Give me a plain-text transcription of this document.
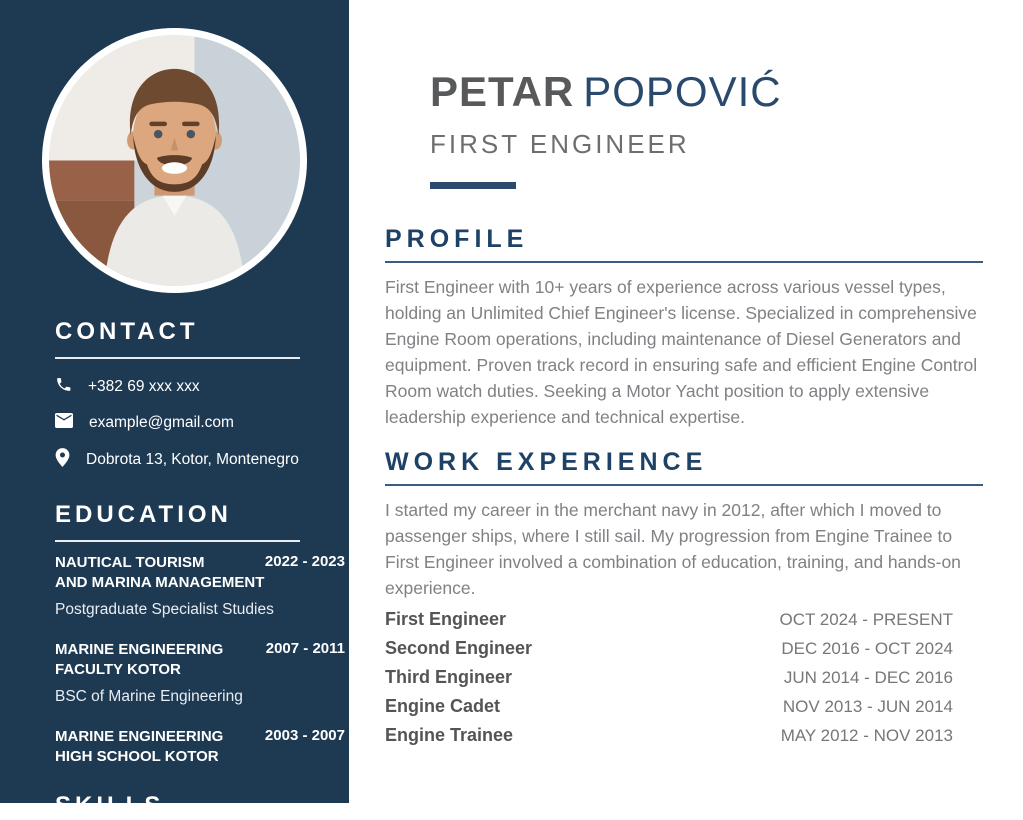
CONTACT
+382 69 xxx xxx
example@gmail.com
Dobrota 13, Kotor, Montenegro
EDUCATION
NAUTICAL TOURISM
AND MARINA MANAGEMENT
2022 - 2023
Postgraduate Specialist Studies
MARINE ENGINEERING
FACULTY KOTOR
2007 - 2011
BSC of Marine Engineering
MARINE ENGINEERING
HIGH SCHOOL KOTOR
2003 - 2007
SKILLS
PETAR POPOVIĆ
FIRST ENGINEER
PROFILE

First Engineer with 10+ years of experience across various vessel types, holding an Unlimited Chief Engineer's license. Specialized in comprehensive Engine Room operations, including maintenance of Diesel Generators and equipment. Proven track record in ensuring safe and efficient Engine Control Room watch duties. Seeking a Motor Yacht position to apply extensive leadership experience and technical expertise.

WORK EXPERIENCE

I started my career in the merchant navy in 2012, after which I moved to passenger ships, where I still sail. My progression from Engine Trainee to First Engineer involved a combination of education, training, and hands-on experience.

First Engineer	OCT 2024 - PRESENT
Second Engineer	DEC 2016 - OCT 2024
Third Engineer	JUN 2014 - DEC 2016
Engine Cadet	NOV 2013 - JUN 2014
Engine Trainee	MAY 2012 - NOV 2013
